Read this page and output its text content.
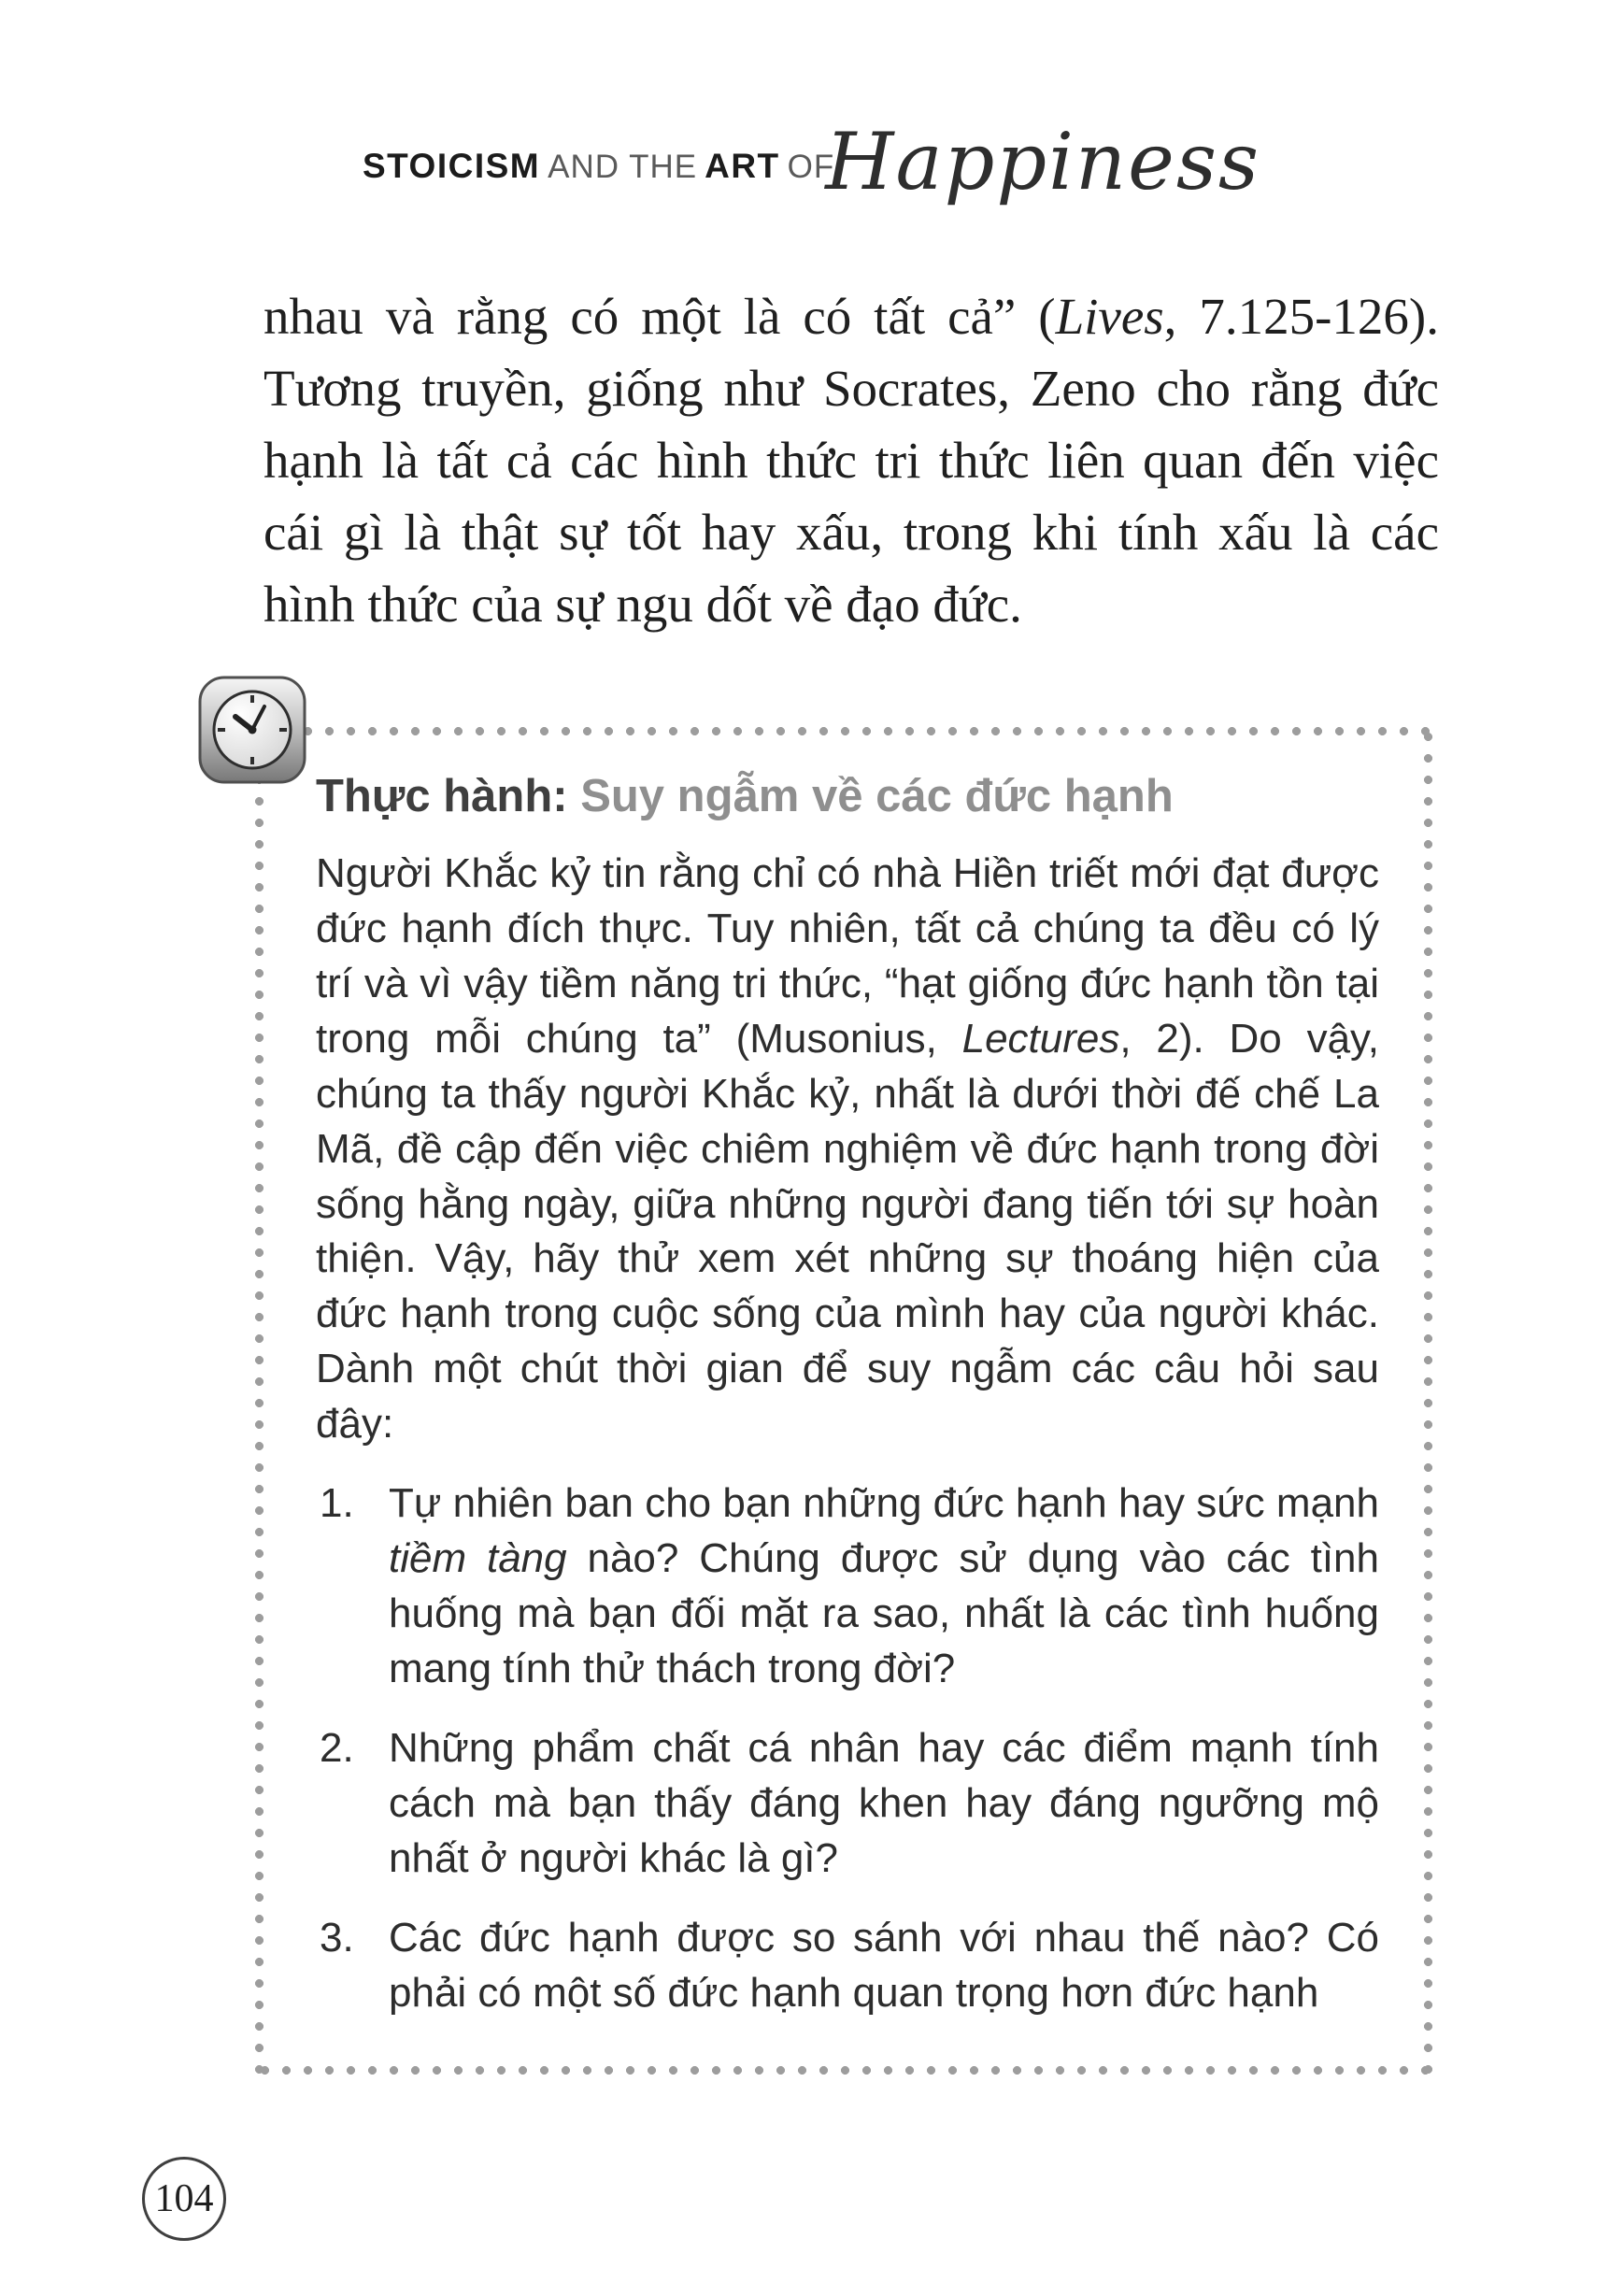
STOICISM AND THE ART OF
Happiness

nhau và rằng có một là có tất cả” (Lives, 7.125-126). Tương truyền, giống như Socrates, Zeno cho rằng đức hạnh là tất cả các hình thức tri thức liên quan đến việc cái gì là thật sự tốt hay xấu, trong khi tính xấu là các hình thức của sự ngu dốt về đạo đức.

Thực hành: Suy ngẫm về các đức hạnh

Người Khắc kỷ tin rằng chỉ có nhà Hiền triết mới đạt được đức hạnh đích thực. Tuy nhiên, tất cả chúng ta đều có lý trí và vì vậy tiềm năng tri thức, “hạt giống đức hạnh tồn tại trong mỗi chúng ta” (Musonius, Lectures, 2). Do vậy, chúng ta thấy người Khắc kỷ, nhất là dưới thời đế chế La Mã, đề cập đến việc chiêm nghiệm về đức hạnh trong đời sống hằng ngày, giữa những người đang tiến tới sự hoàn thiện. Vậy, hãy thử xem xét những sự thoáng hiện của đức hạnh trong cuộc sống của mình hay của người khác. Dành một chút thời gian để suy ngẫm các câu hỏi sau đây:

1. Tự nhiên ban cho bạn những đức hạnh hay sức mạnh tiềm tàng nào? Chúng được sử dụng vào các tình huống mà bạn đối mặt ra sao, nhất là các tình huống mang tính thử thách trong đời?
2. Những phẩm chất cá nhân hay các điểm mạnh tính cách mà bạn thấy đáng khen hay đáng ngưỡng mộ nhất ở người khác là gì?
3. Các đức hạnh được so sánh với nhau thế nào? Có phải có một số đức hạnh quan trọng hơn đức hạnh
104
